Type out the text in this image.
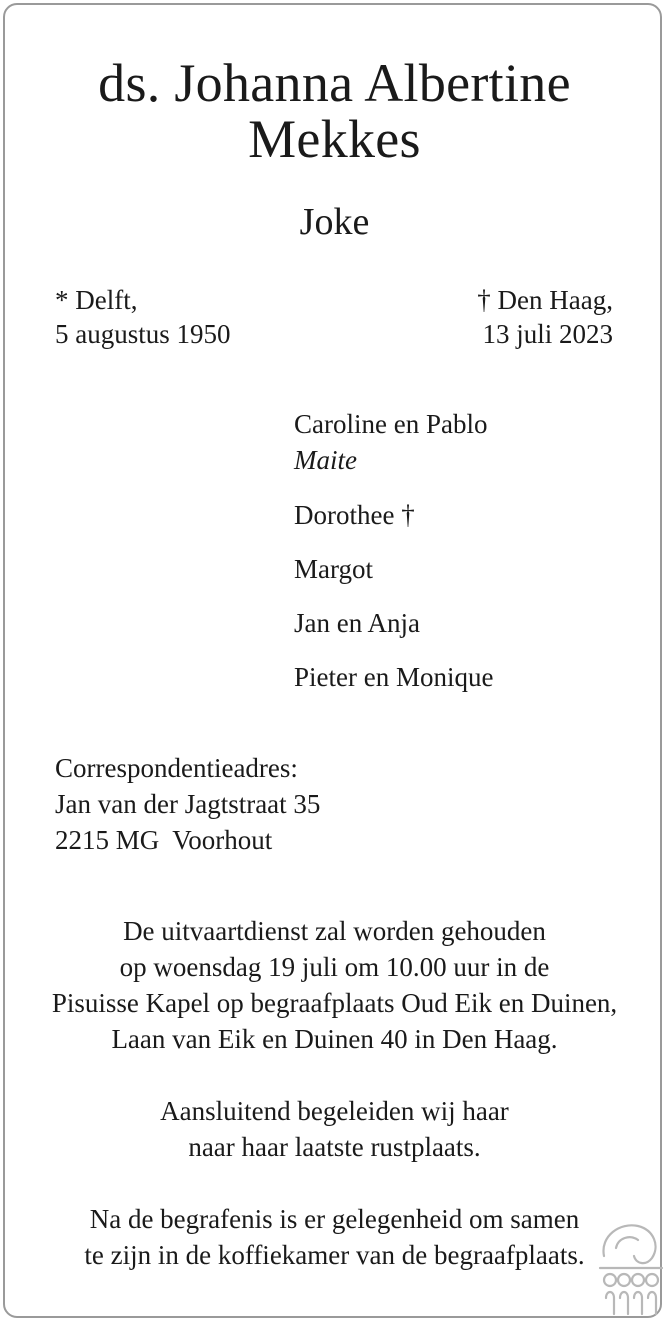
ds. Johanna Albertine
Mekkes
Joke
* Delft,
5 augustus 1950
† Den Haag,
13 juli 2023
Caroline en Pablo
Maite
Dorothee †
Margot
Jan en Anja
Pieter en Monique
Correspondentieadres:
Jan van der Jagtstraat 35
2215 MG  Voorhout
De uitvaartdienst zal worden gehouden
op woensdag 19 juli om 10.00 uur in de
Pisuisse Kapel op begraafplaats Oud Eik en Duinen,
Laan van Eik en Duinen 40 in Den Haag.
Aansluitend begeleiden wij haar
naar haar laatste rustplaats.
Na de begrafenis is er gelegenheid om samen
te zijn in de koffiekamer van de begraafplaats.
